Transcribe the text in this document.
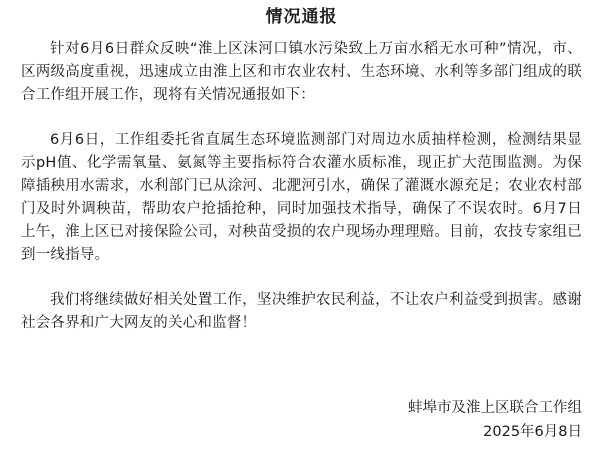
情况通报

针对6月6日群众反映“淮上区沫河口镇水污染致上万亩水稻无水可种”情况，市、区两级高度重视，迅速成立由淮上区和市农业农村、生态环境、水利等多部门组成的联合工作组开展工作，现将有关情况通报如下：

6月6日，工作组委托省直属生态环境监测部门对周边水质抽样检测，检测结果显示pH值、化学需氧量、氨氮等主要指标符合农灌水质标准，现正扩大范围监测。为保障插秧用水需求，水利部门已从涂河、北淝河引水，确保了灌溉水源充足；农业农村部门及时外调秧苗，帮助农户抢插抢种，同时加强技术指导，确保了不误农时。6月7日上午，淮上区已对接保险公司，对秧苗受损的农户现场办理理赔。目前，农技专家组已到一线指导。

我们将继续做好相关处置工作，坚决维护农民利益，不让农户利益受到损害。感谢社会各界和广大网友的关心和监督！

蚌埠市及淮上区联合工作组
2025年6月8日
